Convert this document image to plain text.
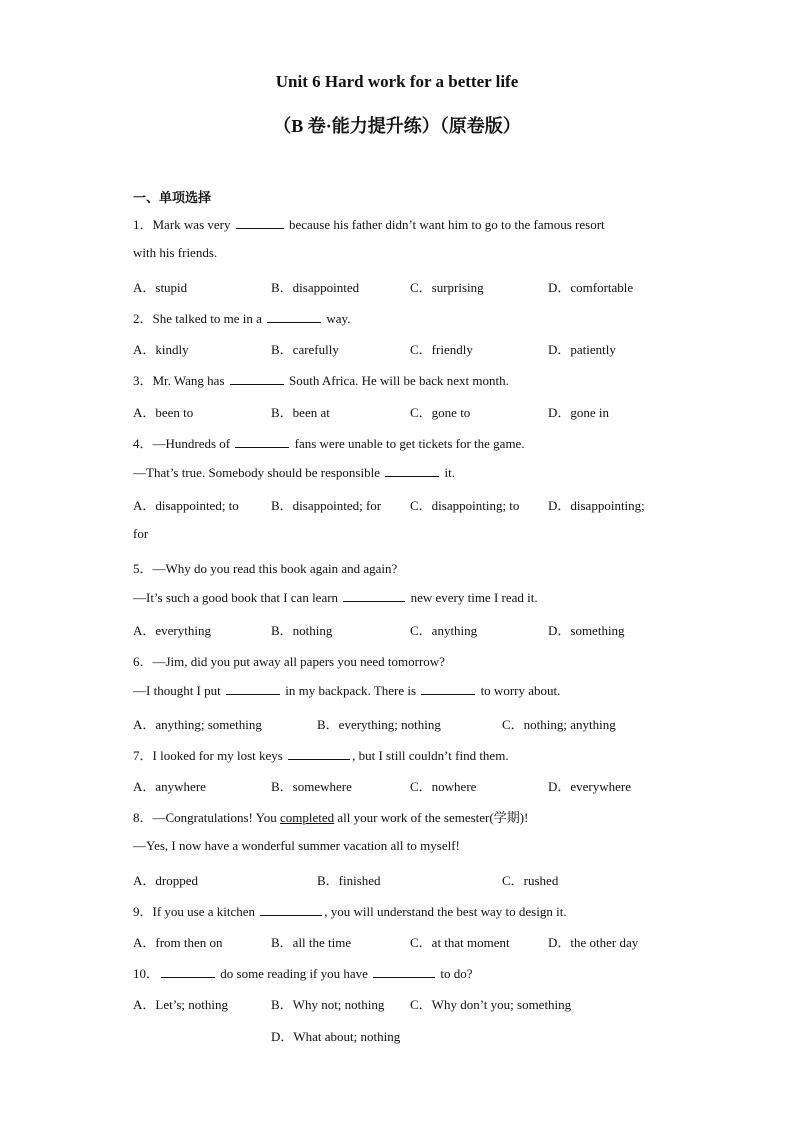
Unit 6 Hard work for a better life
（B 卷·能力提升练）（原卷版）
一、单项选择
1．Mark was very	because his father didn’t want him to go to the famous resort
with his friends.
A．stupid	B．disappointed	C．surprising	D．comfortable
2．She talked to me in a	way.
A．kindly	B．carefully	C．friendly	D．patiently
3．Mr. Wang has	South Africa. He will be back next month.
A．been to	B．been at	C．gone to	D．gone in
4．—Hundreds of	fans were unable to get tickets for the game.
—That’s true. Somebody should be responsible	it.
A．disappointed; to B．disappointed; for C．disappointing; to D．disappointing;
for
5．—Why do you read this book again and again?
—It’s such a good book that I can learn	new every time I read it.
A．everything	B．nothing	C．anything	D．something
6．—Jim, did you put away all papers you need tomorrow?
—I thought I put	in my backpack. There is	to worry about.
A．anything; something	B．everything; nothing	C．nothing; anything
7．I looked for my lost keys	, but I still couldn’t find them.
A．anywhere	B．somewhere	C．nowhere	D．everywhere
8．—Congratulations! You completed all your work of the semester(学期)!
—Yes, I now have a wonderful summer vacation all to myself!
A．dropped	B．finished	C．rushed
9．If you use a kitchen	, you will understand the best way to design it.
A．from then on	B．all the time	C．at that moment	D．the other day
10．	do some reading if you have	to do?
A．Let’s; nothing	B．Why not; nothing C．Why don’t you; something
D．What about; nothing
